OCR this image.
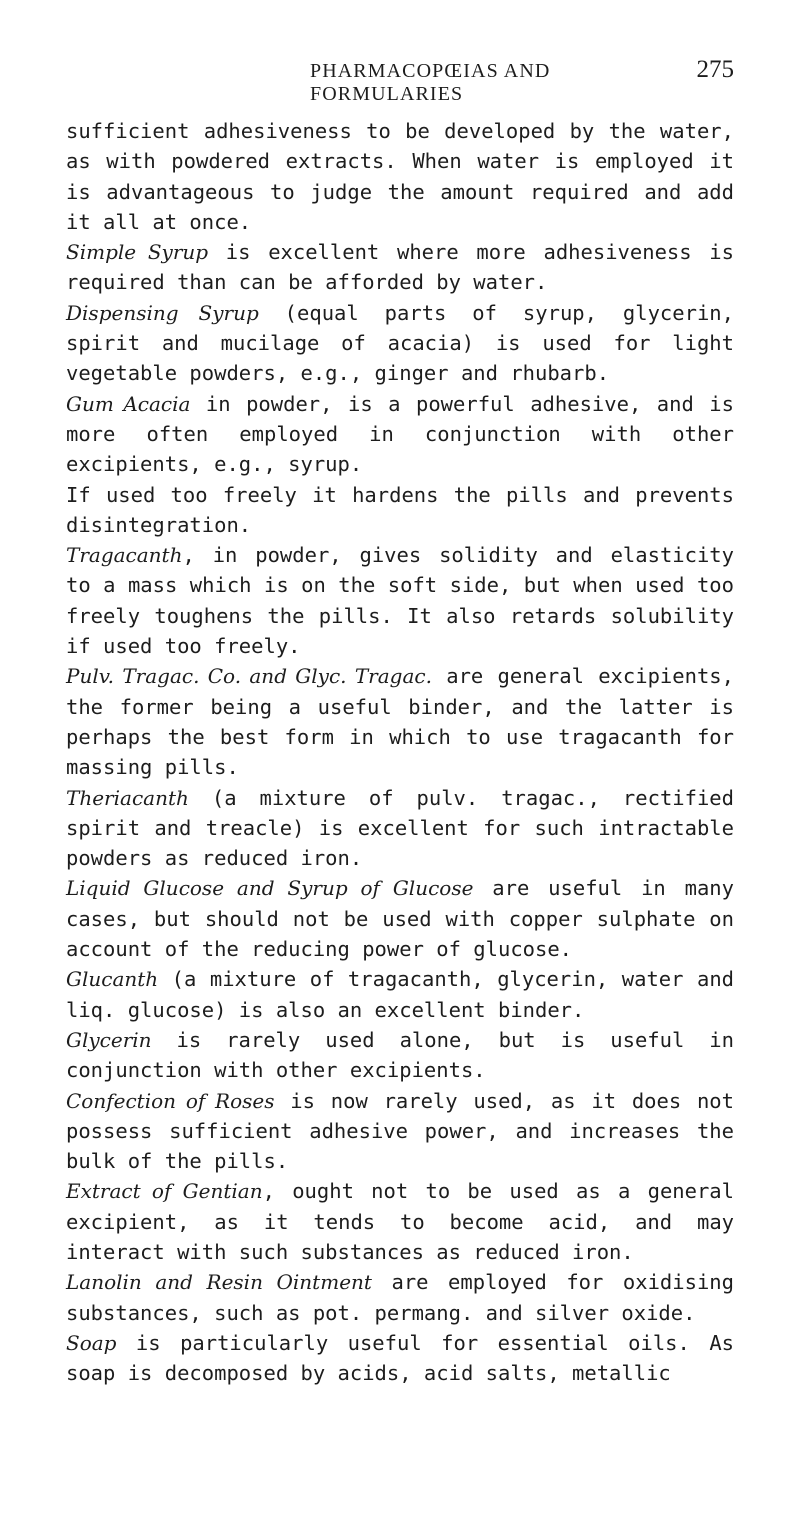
PHARMACOPŒIAS AND FORMULARIES
275

sufficient adhesiveness to be developed by the water, as with powdered extracts. When water is employed it is advantageous to judge the amount required and add it all at once.

Simple Syrup is excellent where more adhesiveness is required than can be afforded by water.

Dispensing Syrup (equal parts of syrup, glycerin, spirit and mucilage of acacia) is used for light vegetable powders, e.g., ginger and rhubarb.

Gum Acacia in powder, is a powerful adhesive, and is more often employed in conjunction with other excipients, e.g., syrup.

If used too freely it hardens the pills and prevents disintegration.

Tragacanth, in powder, gives solidity and elasticity to a mass which is on the soft side, but when used too freely toughens the pills. It also retards solubility if used too freely.

Pulv. Tragac. Co. and Glyc. Tragac. are general excipients, the former being a useful binder, and the latter is perhaps the best form in which to use tragacanth for massing pills.

Theriacanth (a mixture of pulv. tragac., rectified spirit and treacle) is excellent for such intractable powders as reduced iron.

Liquid Glucose and Syrup of Glucose are useful in many cases, but should not be used with copper sulphate on account of the reducing power of glucose.

Glucanth (a mixture of tragacanth, glycerin, water and liq. glucose) is also an excellent binder.

Glycerin is rarely used alone, but is useful in conjunction with other excipients.

Confection of Roses is now rarely used, as it does not possess sufficient adhesive power, and increases the bulk of the pills.

Extract of Gentian, ought not to be used as a general excipient, as it tends to become acid, and may interact with such substances as reduced iron.

Lanolin and Resin Ointment are employed for oxidising substances, such as pot. permang. and silver oxide.

Soap is particularly useful for essential oils. As soap is decomposed by acids, acid salts, metallic
